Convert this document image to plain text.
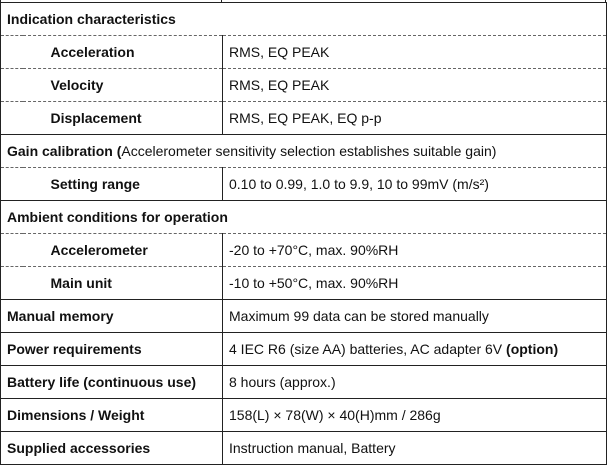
Indication characteristics		
	Acceleration	RMS, EQ PEAK
	Velocity	RMS, EQ PEAK
	Displacement	RMS, EQ PEAK, EQ p-p
Gain calibration (Accelerometer sensitivity selection establishes suitable gain)		
	Setting range	0.10 to 0.99, 1.0 to 9.9, 10 to 99mV (m/s²)
Ambient conditions for operation		
	Accelerometer	-20 to +70°C, max. 90%RH
	Main unit	-10 to +50°C, max. 90%RH
Manual memory		Maximum 99 data can be stored manually
Power requirements		4 IEC R6 (size AA) batteries, AC adapter 6V (option)
Battery life (continuous use)		8 hours (approx.)
Dimensions / Weight		158(L) × 78(W) × 40(H)mm / 286g
Supplied accessories		Instruction manual, Battery
